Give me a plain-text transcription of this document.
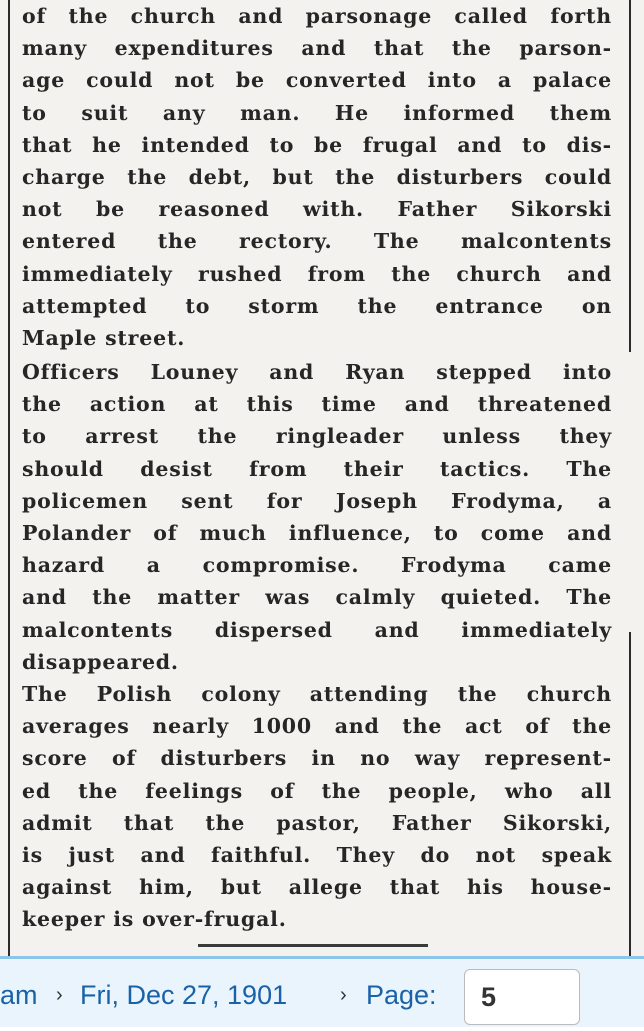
of the church and parsonage called forth
many expenditures and that the parson-
age could not be converted into a palace
to suit any man. He informed them
that he intended to be frugal and to dis-
charge the debt, but the disturbers could
not be reasoned with. Father Sikorski
entered the rectory. The malcontents
immediately rushed from the church and
attempted to storm the entrance on
Maple street.

Officers Louney and Ryan stepped into
the action at this time and threatened
to arrest the ringleader unless they
should desist from their tactics. The
policemen sent for Joseph Frodyma, a
Polander of much influence, to come and
hazard a compromise. Frodyma came
and the matter was calmly quieted. The
malcontents dispersed and immediately
disappeared.

The Polish colony attending the church
averages nearly 1000 and the act of the
score of disturbers in no way represent-
ed the feelings of the people, who all
admit that the pastor, Father Sikorski,
is just and faithful. They do not speak
against him, but allege that his house-
keeper is over-frugal.

am › Fri, Dec 27, 1901	› Page:
5
